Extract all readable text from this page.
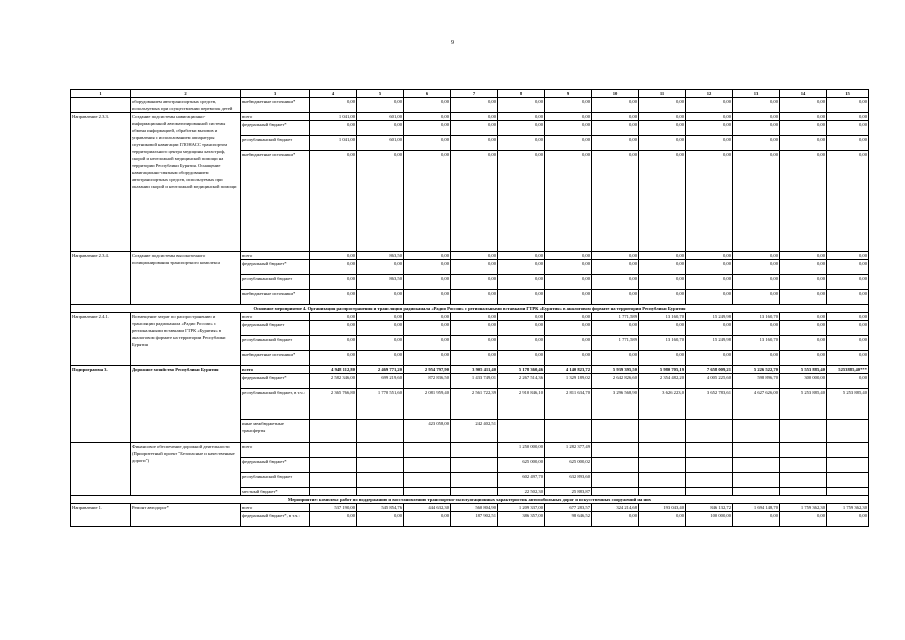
9
1	2	3	4	5	6	7	8	9	10	11	12	13	14	15
	оборудованием автотранспортных средств, используемых при осуществлении перевозок детей	внебюджетные источники*	0,00	0,00	0,00	0,00	0,00	0,00	0,00	0,00	0,00	0,00	0,00	0,00
Направление 2.3.3.	Создание подсистемы навигационно-информационной автоматизированной системы обмена информацией, обработки вызовов и управления с использованием аппаратуры спутниковой навигации ГЛОНАСС транспортом территориального центра медицины катастроф, скорой и неотложной медицинской помощи на территории Республики Бурятия. Оснащение навигационно-связным оборудованием автотранспортных средств, используемых при оказании скорой и неотложной медицинской помощи	всего	1 041,00	601,00	0,00	0,00	0,00	0,00	0,00	0,00	0,00	0,00	0,00	0,00
		федеральный бюджет*	0,00	0,00	0,00	0,00	0,00	0,00	0,00	0,00	0,00	0,00	0,00	0,00
		республиканский бюджет	1 041,00	601,00	0,00	0,00	0,00	0,00	0,00	0,00	0,00	0,00	0,00	0,00
		внебюджетные источники*	0,00	0,00	0,00	0,00	0,00	0,00	0,00	0,00	0,00	0,00	0,00	0,00
Направление 2.3.4.	Создание подсистемы высокоточного позиционирования транспортного комплекса	всего	0,00	863,50	0,00	0,00	0,00	0,00	0,00	0,00	0,00	0,00	0,00	0,00
		федеральный бюджет*	0,00	0,00	0,00	0,00	0,00	0,00	0,00	0,00	0,00	0,00	0,00	0,00
		республиканский бюджет	0,00	863,50	0,00	0,00	0,00	0,00	0,00	0,00	0,00	0,00	0,00	0,00
		внебюджетные источники*	0,00	0,00	0,00	0,00	0,00	0,00	0,00	0,00	0,00	0,00	0,00	0,00
Основное мероприятие 4. Организация распространения и трансляция радиоканала «Радио России» с региональными вставками ГТРК «Бурятия» в аналоговом формате на территории Республики Бурятия														
Направление 2.4.1.	Возмещение затрат по распространению и трансляции радиоканала «Радио России» с региональными вставками ГТРК «Бурятия» в аналоговом формате на территории Республики Бурятия	всего	0,00	0,00	0,00	0,00	0,00	0,00	1 771,589	13 160,70	15 249,98	13 160,70	0,00	0,00
		федеральный бюджет	0,00	0,00	0,00	0,00	0,00	0,00	0,00	0,00	0,00	0,00	0,00	0,00
		республиканский бюджет	0,00	0,00	0,00	0,00	0,00	0,00	1 771,589	13 160,70	15 249,98	13 160,70	0,00	0,00
		внебюджетные источники*	0,00	0,00	0,00	0,00	0,00	0,00	0,00	0,00	0,00	0,00	0,00	0,00
Подпрограмма 3.	Дорожное хозяйство Республики Бурятия	всего	4 948 112,80	2 469 771,20	2 954 797,90	3 905 411,40	5 178 360,46	4 140 823,72	5 939 395,50	5 980 705,19	7 658 009,21	5 226 522,70	5 553 885,40	5253885,40***
		федеральный бюджет*	2 582 346,00	699 219,60	872 836,50	1 433 749,01	2 267 514,36	1 329 189,02	2 642 826,60	2 354 482,20	4 005 225,60	598 896,70	300 000,00	0,00
		республиканский бюджет, в т.ч.:	2 365 766,80	1 770 551,60	2 081 959,40	2 561 722,39	2 910 846,10	2 811 634,70	3 296 568,90	3 626 223,0	3 652 783,61	4 627 626,00	5 253 885,40	5 253 885,40
		иные межбюджетные трансферты			423 058,00	242 402,51								
	Финансовое обеспечение дорожной деятельности (Приоритетный проект "Безопасные и качественные дороги")	всего					1 250 000,00	1 282 377,49						
		федеральный бюджет*					625 000,00	625 000,02						
		республиканский бюджет					602 497,70	632 893,60						
		местный бюджет*					22 502,30	25 883,87						
Мероприятие: комплекс работ по поддержанию и восстановлению транспортно-эксплуатационных характеристик автомобильных дорог и искусственных сооружений на них														
Направление 1.	Ремонт автодорог*	всего	537 190,00	545 854,76	444 632,30	560 804,90	1 209 337,00	677 283,57	324 214,68	193 043,40	846 132,72	1 694 148,70	1 759 362,30	1 759 362,30
		федеральный бюджет*, в т.ч.:	0,00	0,00	0,00	187 902,51	386 357,00	98 646,52	0,00	0,00	100 000,00	0,00	0,00	0,00
